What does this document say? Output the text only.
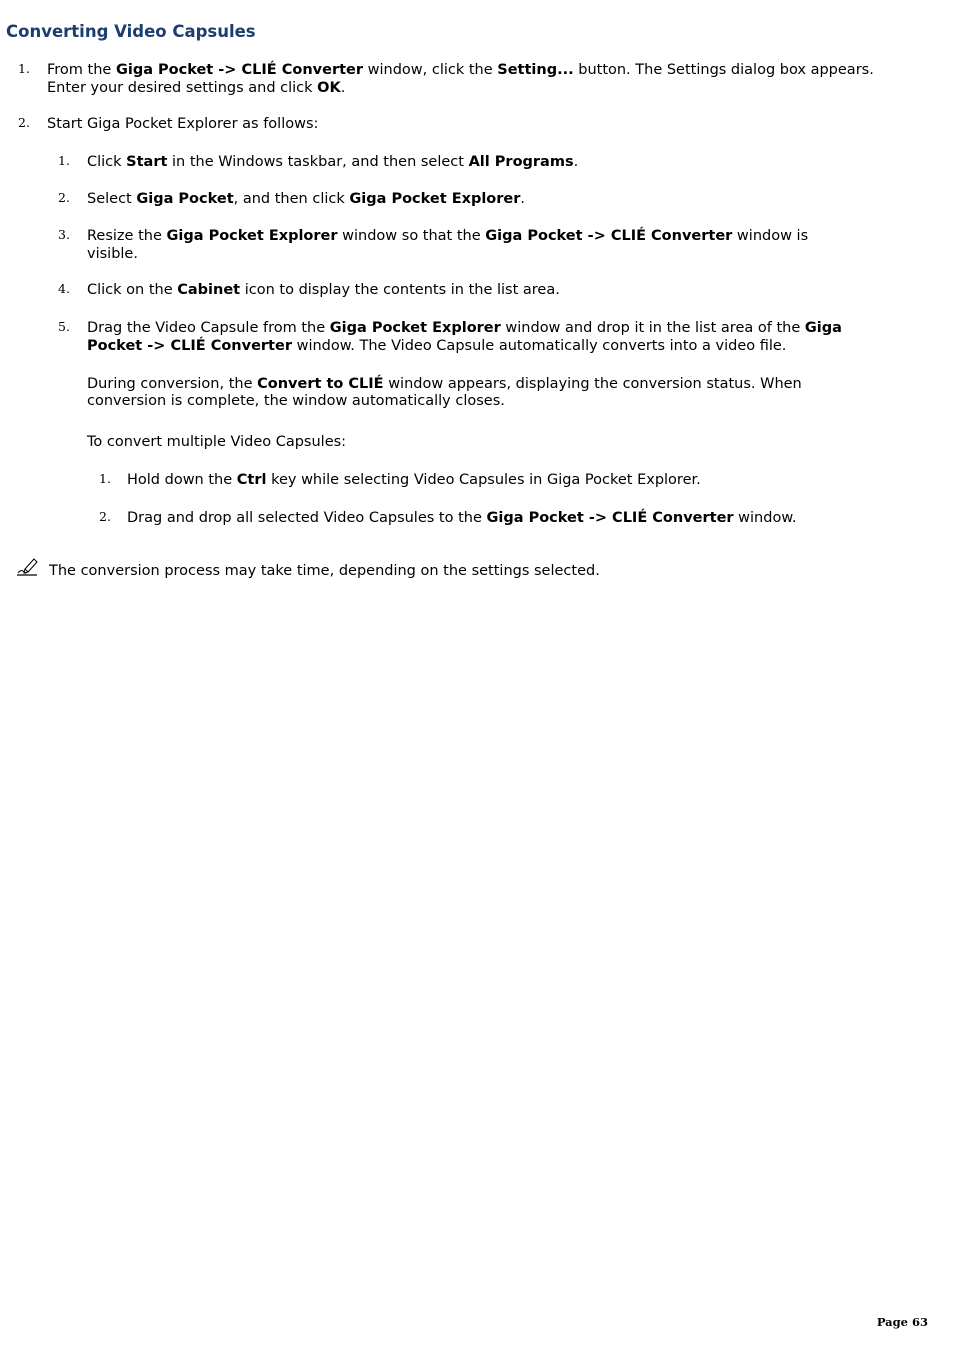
Converting Video Capsules
1. From the Giga Pocket -> CLIÉ Converter window, click the Setting... button. The Settings dialog box appears.
Enter your desired settings and click OK.
2. Start Giga Pocket Explorer as follows:
1. Click Start in the Windows taskbar, and then select All Programs.
2. Select Giga Pocket, and then click Giga Pocket Explorer.
3. Resize the Giga Pocket Explorer window so that the Giga Pocket -> CLIÉ Converter window is
visible.
4. Click on the Cabinet icon to display the contents in the list area.
5. Drag the Video Capsule from the Giga Pocket Explorer window and drop it in the list area of the Giga
Pocket -> CLIÉ Converter window. The Video Capsule automatically converts into a video file.
During conversion, the Convert to CLIÉ window appears, displaying the conversion status. When
conversion is complete, the window automatically closes.
To convert multiple Video Capsules:
1. Hold down the Ctrl key while selecting Video Capsules in Giga Pocket Explorer.
2. Drag and drop all selected Video Capsules to the Giga Pocket -> CLIÉ Converter window.
The conversion process may take time, depending on the settings selected.
Page 63
